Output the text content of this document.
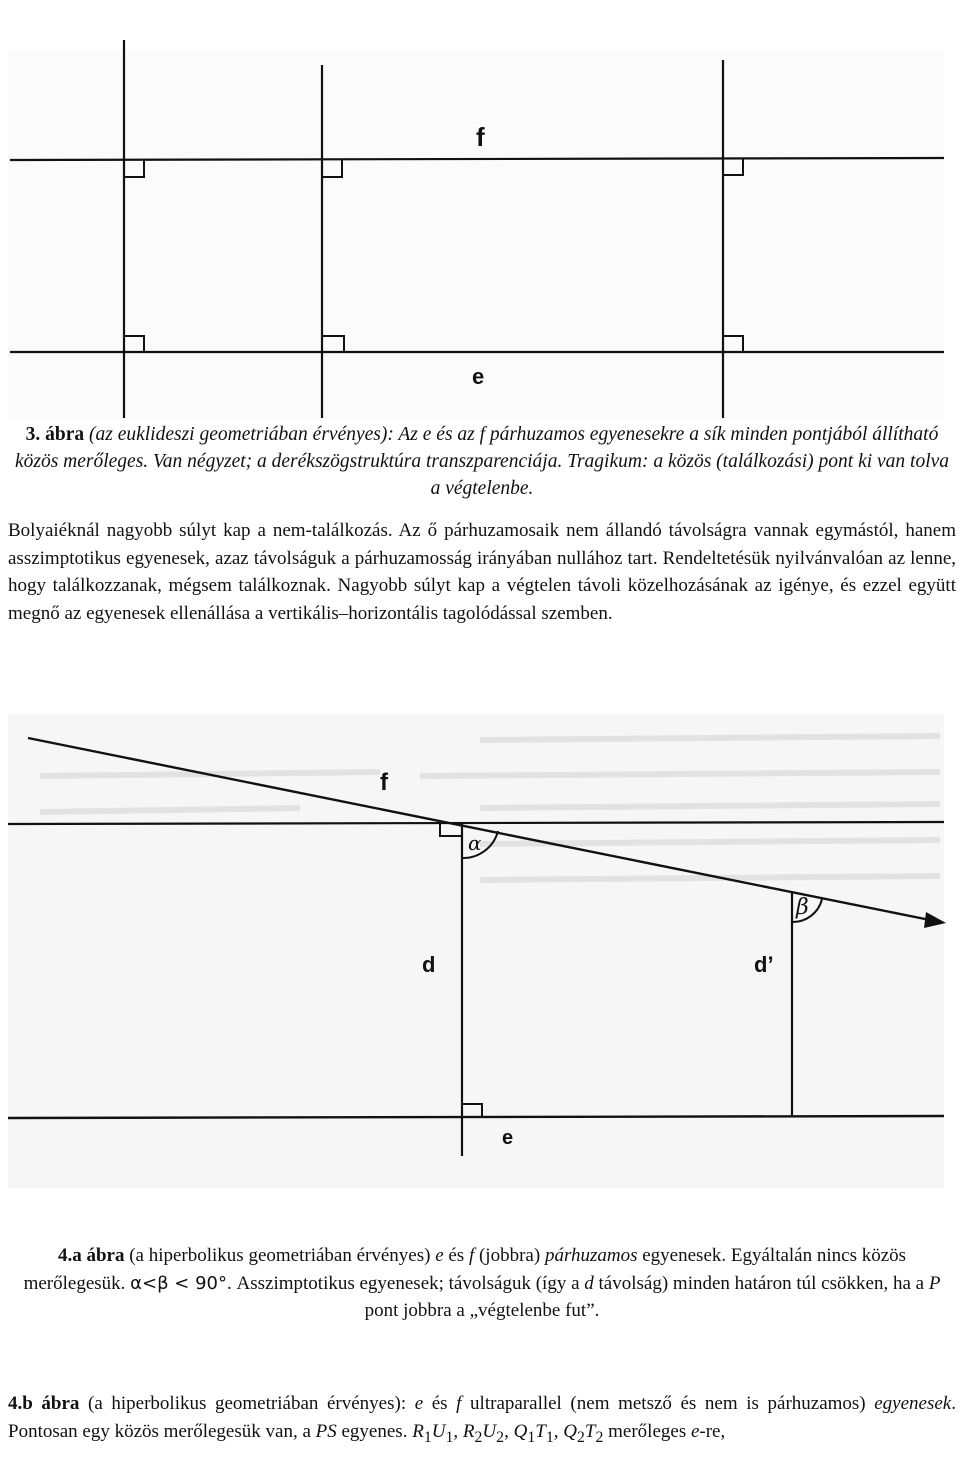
f
e
3. ábra (az euklideszi geometriában érvényes): Az e és az f párhuzamos egyenesekre a sík minden pontjából állítható közös merőleges. Van négyzet; a derékszögstruktúra transzparenciája. Tragikum: a közös (találkozási) pont ki van tolva a végtelenbe.
Bolyaiéknál nagyobb súlyt kap a nem-találkozás. Az ő párhuzamosaik nem állandó távolságra vannak egymástól, hanem asszimptotikus egyenesek, azaz távolságuk a párhuzamosság irányában nullához tart. Rendeltetésük nyilvánvalóan az lenne, hogy találkozzanak, mégsem találkoznak. Nagyobb súlyt kap a végtelen távoli közelhozásának az igénye, és ezzel együtt megnő az egyenesek ellenállása a vertikális–horizontális tagolódással szemben.
f
α
β
d	d’
e
4.a ábra (a hiperbolikus geometriában érvényes) e és f (jobbra) párhuzamos egyenesek. Egyáltalán nincs közös merőlegesük. α<β < 90°. Asszimptotikus egyenesek; távolságuk (így a d távolság) minden határon túl csökken, ha a P pont jobbra a „végtelenbe fut”.
4.b ábra (a hiperbolikus geometriában érvényes): e és f ultraparallel (nem metsző és nem is párhuzamos) egyenesek. Pontosan egy közös merőlegesük van, a PS egyenes. $R_1U_1$, $R_2U_2$, $Q_1T_1$, $Q_2T_2$ merőleges e-re,
